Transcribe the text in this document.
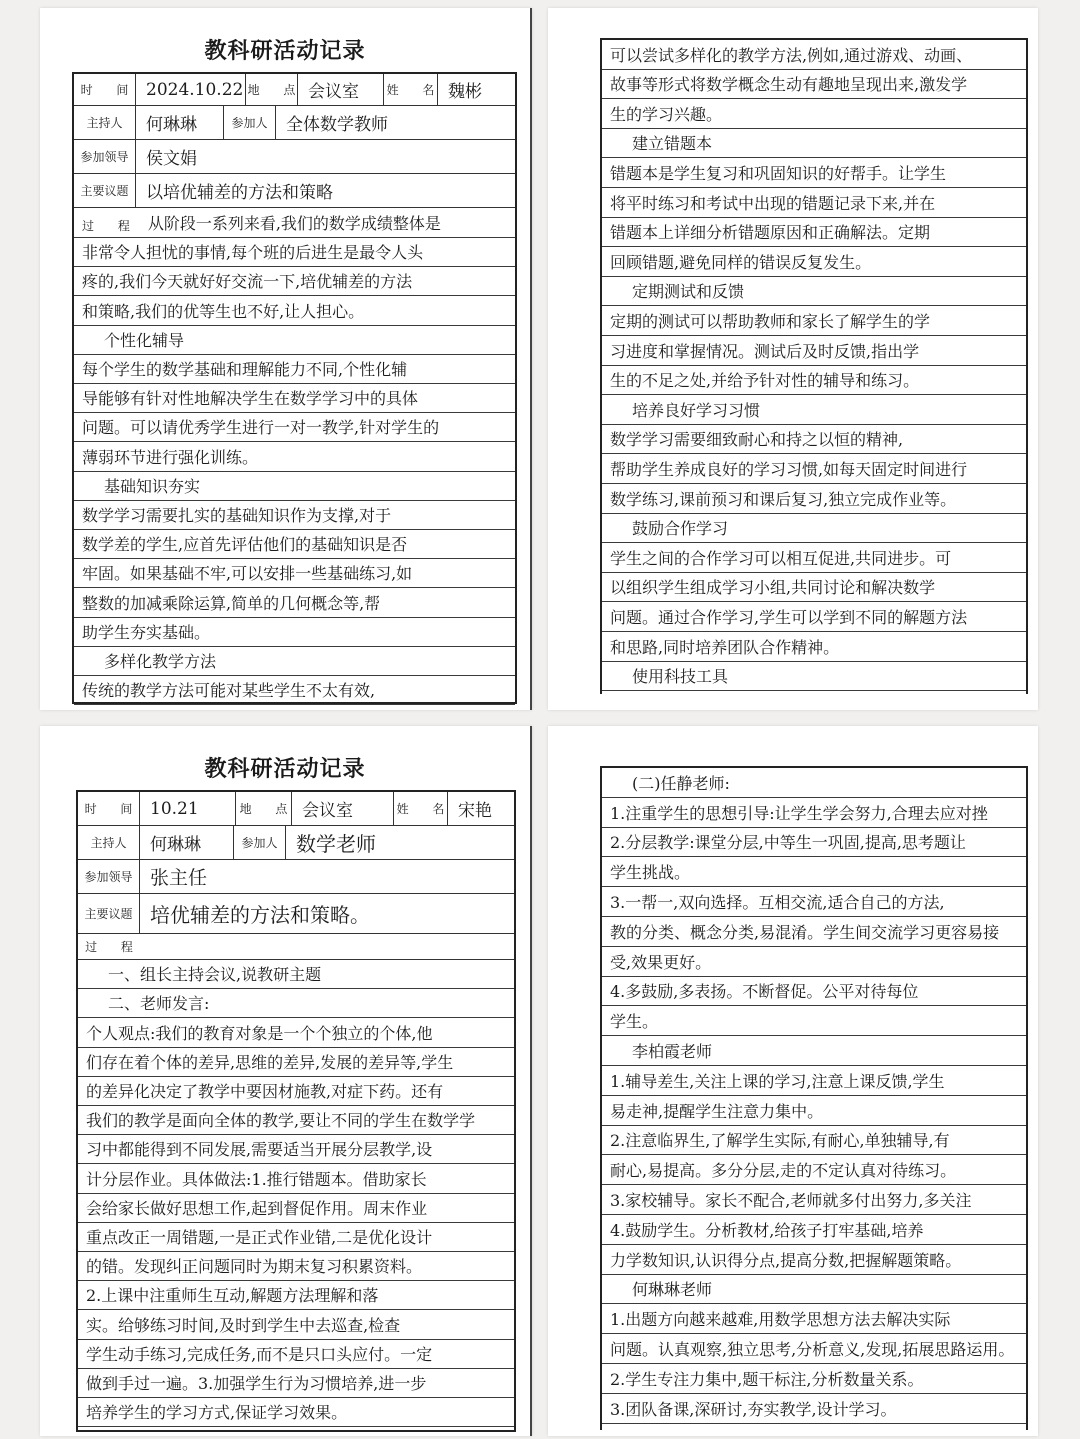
教科研活动记录
时 间 2024.10.22 地 点 会议室	姓 名 魏彬
主持人	何琳琳	参加人	全体数学教师
参加领导	侯文娟
主要议题	以培优辅差的方法和策略
过 程 从阶段一系列来看,我们的数学成绩整体是
非常令人担忧的事情,每个班的后进生是最令人头
疼的,我们今天就好好交流一下,培优辅差的方法
和策略,我们的优等生也不好,让人担心。
个性化辅导
每个学生的数学基础和理解能力不同,个性化辅
导能够有针对性地解决学生在数学学习中的具体
问题。可以请优秀学生进行一对一教学,针对学生的
薄弱环节进行强化训练。
基础知识夯实
数学学习需要扎实的基础知识作为支撑,对于
数学差的学生,应首先评估他们的基础知识是否
牢固。如果基础不牢,可以安排一些基础练习,如
整数的加减乘除运算,简单的几何概念等,帮
助学生夯实基础。
多样化教学方法
传统的教学方法可能对某些学生不太有效,
可以尝试多样化的教学方法,例如,通过游戏、动画、
故事等形式将数学概念生动有趣地呈现出来,激发学
生的学习兴趣。
建立错题本
错题本是学生复习和巩固知识的好帮手。让学生
将平时练习和考试中出现的错题记录下来,并在
错题本上详细分析错题原因和正确解法。定期
回顾错题,避免同样的错误反复发生。
定期测试和反馈
定期的测试可以帮助教师和家长了解学生的学
习进度和掌握情况。测试后及时反馈,指出学
生的不足之处,并给予针对性的辅导和练习。
培养良好学习习惯
数学学习需要细致耐心和持之以恒的精神,
帮助学生养成良好的学习习惯,如每天固定时间进行
数学练习,课前预习和课后复习,独立完成作业等。
鼓励合作学习
学生之间的合作学习可以相互促进,共同进步。可
以组织学生组成学习小组,共同讨论和解决数学
问题。通过合作学习,学生可以学到不同的解题方法
和思路,同时培养团队合作精神。
使用科技工具
教科研活动记录
时 间 10.21	地 点 会议室	姓 名 宋艳
主持人	何琳琳	参加人 数学老师
参加领导 张主任
主要议题 培优辅差的方法和策略。
过 程
一、组长主持会议,说教研主题
二、老师发言:
个人观点:我们的教育对象是一个个独立的个体,他
们存在着个体的差异,思维的差异,发展的差异等,学生
的差异化决定了教学中要因材施教,对症下药。还有
我们的教学是面向全体的教学,要让不同的学生在数学学
习中都能得到不同发展,需要适当开展分层教学,设
计分层作业。具体做法:1.推行错题本。借助家长
会给家长做好思想工作,起到督促作用。周末作业
重点改正一周错题,一是正式作业错,二是优化设计
的错。发现纠正问题同时为期末复习积累资料。
2.上课中注重师生互动,解题方法理解和落
实。给够练习时间,及时到学生中去巡查,检查
学生动手练习,完成任务,而不是只口头应付。一定
做到手过一遍。3.加强学生行为习惯培养,进一步
培养学生的学习方式,保证学习效果。
(二)任静老师:
1.注重学生的思想引导:让学生学会努力,合理去应对挫
2.分层教学:课堂分层,中等生一巩固,提高,思考题让
学生挑战。
3.一帮一,双向选择。互相交流,适合自己的方法,
教的分类、概念分类,易混淆。学生间交流学习更容易接
受,效果更好。
4.多鼓励,多表扬。不断督促。公平对待每位
学生。
李柏霞老师
1.辅导差生,关注上课的学习,注意上课反馈,学生
易走神,提醒学生注意力集中。
2.注意临界生,了解学生实际,有耐心,单独辅导,有
耐心,易提高。多分分层,走的不定认真对待练习。
3.家校辅导。家长不配合,老师就多付出努力,多关注
4.鼓励学生。分析教材,给孩子打牢基础,培养
力学数知识,认识得分点,提高分数,把握解题策略。
何琳琳老师
1.出题方向越来越难,用数学思想方法去解决实际
问题。认真观察,独立思考,分析意义,发现,拓展思路运用。
2.学生专注力集中,题干标注,分析数量关系。
3.团队备课,深研讨,夯实教学,设计学习。
